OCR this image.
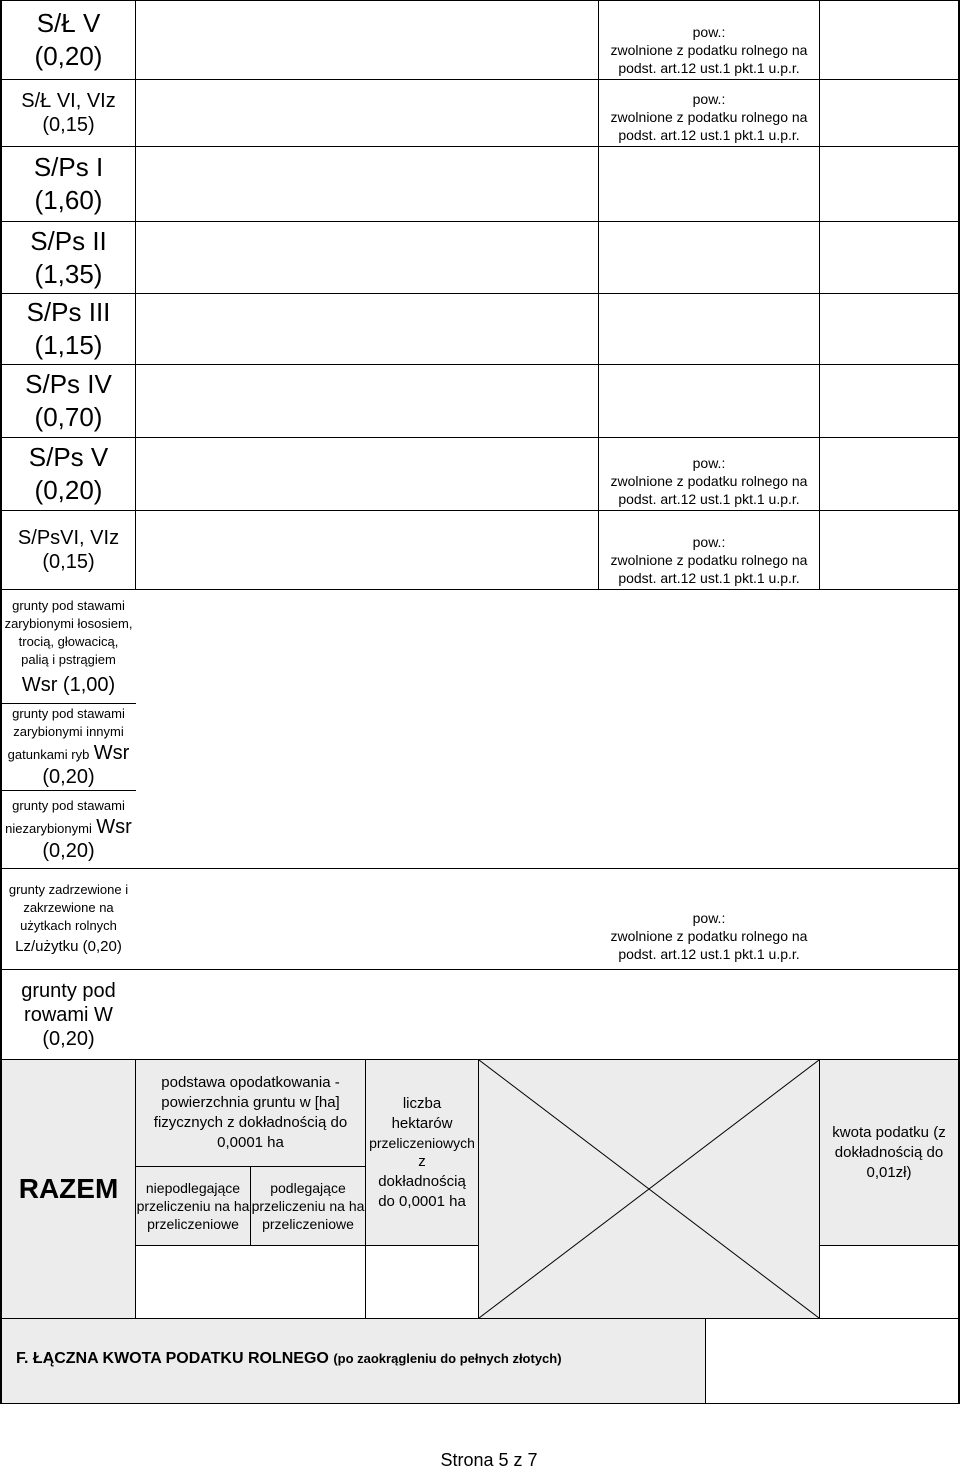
S/Ł V
(0,20)
pow.:
zwolnione z podatku rolnego na
podst. art.12 ust.1 pkt.1 u.p.r.
S/Ł VI, VIz
(0,15)
pow.:
zwolnione z podatku rolnego na
podst. art.12 ust.1 pkt.1 u.p.r.
S/Ps I
(1,60)
S/Ps II
(1,35)
S/Ps III
(1,15)
S/Ps IV
(0,70)
S/Ps V
(0,20)
pow.:
zwolnione z podatku rolnego na
podst. art.12 ust.1 pkt.1 u.p.r.
S/PsVI, VIz
(0,15)
pow.:
zwolnione z podatku rolnego na
podst. art.12 ust.1 pkt.1 u.p.r.
grunty pod stawami
zarybionymi łososiem,
trocią, głowacicą,
palią i pstrągiem
Wsr (1,00)
grunty pod stawami
zarybionymi innymi
gatunkami ryb Wsr
(0,20)
grunty pod stawami
niezarybionymi Wsr
(0,20)
grunty zadrzewione i
zakrzewione na
użytkach rolnych
Lz/użytku (0,20)
pow.:
zwolnione z podatku rolnego na
podst. art.12 ust.1 pkt.1 u.p.r.
grunty pod
rowami W
(0,20)
RAZEM
podstawa opodatkowania -
powierzchnia gruntu w [ha]
fizycznych z dokładnością do
0,0001 ha
niepodlegające
przeliczeniu na ha
przeliczeniowe
podlegające
przeliczeniu na ha
przeliczeniowe
liczba
hektarów
przeliczeniowych
z
dokładnością
do 0,0001 ha
kwota podatku (z
dokładnością do
0,01zł)
F. ŁĄCZNA KWOTA PODATKU ROLNEGO (po zaokrągleniu do pełnych złotych)
Strona 5 z 7
